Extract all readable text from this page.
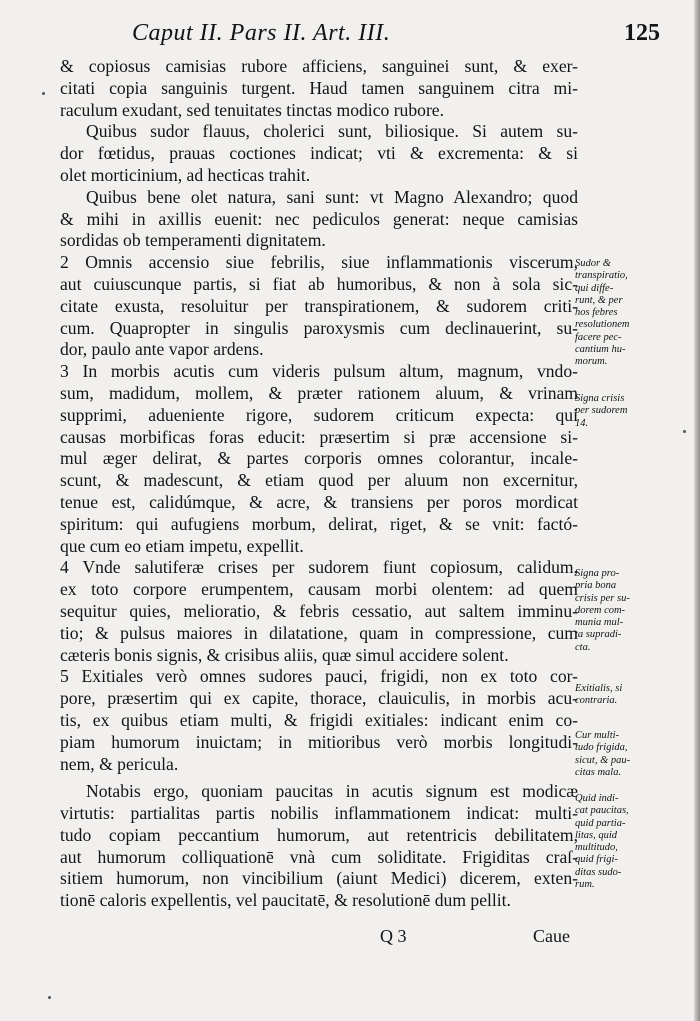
Caput II. Pars II. Art. III.	125
& copiosus camisias rubore afficiens, sanguinei sunt, & exer-
citati copia sanguinis turgent. Haud tamen sanguinem citra mi-
raculum exudant, sed tenuitates tinctas modico rubore.
Quibus sudor flauus, cholerici sunt, biliosique. Si autem su-
dor fœtidus, prauas coctiones indicat; vti & excrementa: & si
olet morticinium, ad hecticas trahit.
Quibus bene olet natura, sani sunt: vt Magno Alexandro; quod
& mihi in axillis euenit: nec pediculos generat: neque camisias
sordidas ob temperamenti dignitatem.
2 Omnis accensio siue febrilis, siue inflammationis viscerum,
aut cuiuscunque partis, si fiat ab humoribus, & non à sola sic-
citate exusta, resoluitur per transpirationem, & sudorem criti-
cum. Quapropter in singulis paroxysmis cum declinauerint, su-
dor, paulo ante vapor ardens.
3 In morbis acutis cum videris pulsum altum, magnum, vndo-
sum, madidum, mollem, & præter rationem aluum, & vrinam
supprimi, adueniente rigore, sudorem criticum expecta: qui
causas morbificas foras educit: præsertim si præ accensione si-
mul æger delirat, & partes corporis omnes colorantur, incale-
scunt, & madescunt, & etiam quod per aluum non excernitur,
tenue est, calidúmque, & acre, & transiens per poros mordicat
spiritum: qui aufugiens morbum, delirat, riget, & se vnit: factó-
que cum eo etiam impetu, expellit.
4 Vnde salutiferæ crises per sudorem fiunt copiosum, calidum,
ex toto corpore erumpentem, causam morbi olentem: ad quem
sequitur quies, melioratio, & febris cessatio, aut saltem imminu-
tio; & pulsus maiores in dilatatione, quam in compressione, cum
cæteris bonis signis, & crisibus aliis, quæ simul accidere solent.
5 Exitiales verò omnes sudores pauci, frigidi, non ex toto cor-
pore, præsertim qui ex capite, thorace, clauiculis, in morbis acu-
tis, ex quibus etiam multi, & frigidi exitiales: indicant enim co-
piam humorum inuictam; in mitioribus verò morbis longitudi-
nem, & pericula.
Notabis ergo, quoniam paucitas in acutis signum est modicæ
virtutis: partialitas partis nobilis inflammationem indicat: multi-
tudo copiam peccantium humorum, aut retentricis debilitatem,
aut humorum colliquationē vnà cum soliditate. Frigiditas craſ-
sitiem humorum, non vincibilium (aiunt Medici) dicerem, exten-
tionē caloris expellentis, vel paucitatē, & resolutionē dum pellit.
Sudor &
transpiratio,
qui diffe-
runt, & per
hos febres
resolutionem
facere pec-
cantium hu-
morum.
Signa crisis
per sudorem
14.
Signa pro-
pria bona
crisis per su-
dorem com-
munia mul-
ta supradi-
cta.
Exitialis, si
contraria.
Cur multi-
tudo frigida,
sicut, & pau-
citas mala.
Quid indi-
cat paucitas,
quid partia-
litas, quid
multitudo,
quid frigi-
ditas sudo-
rum.
Q 3	Caue
